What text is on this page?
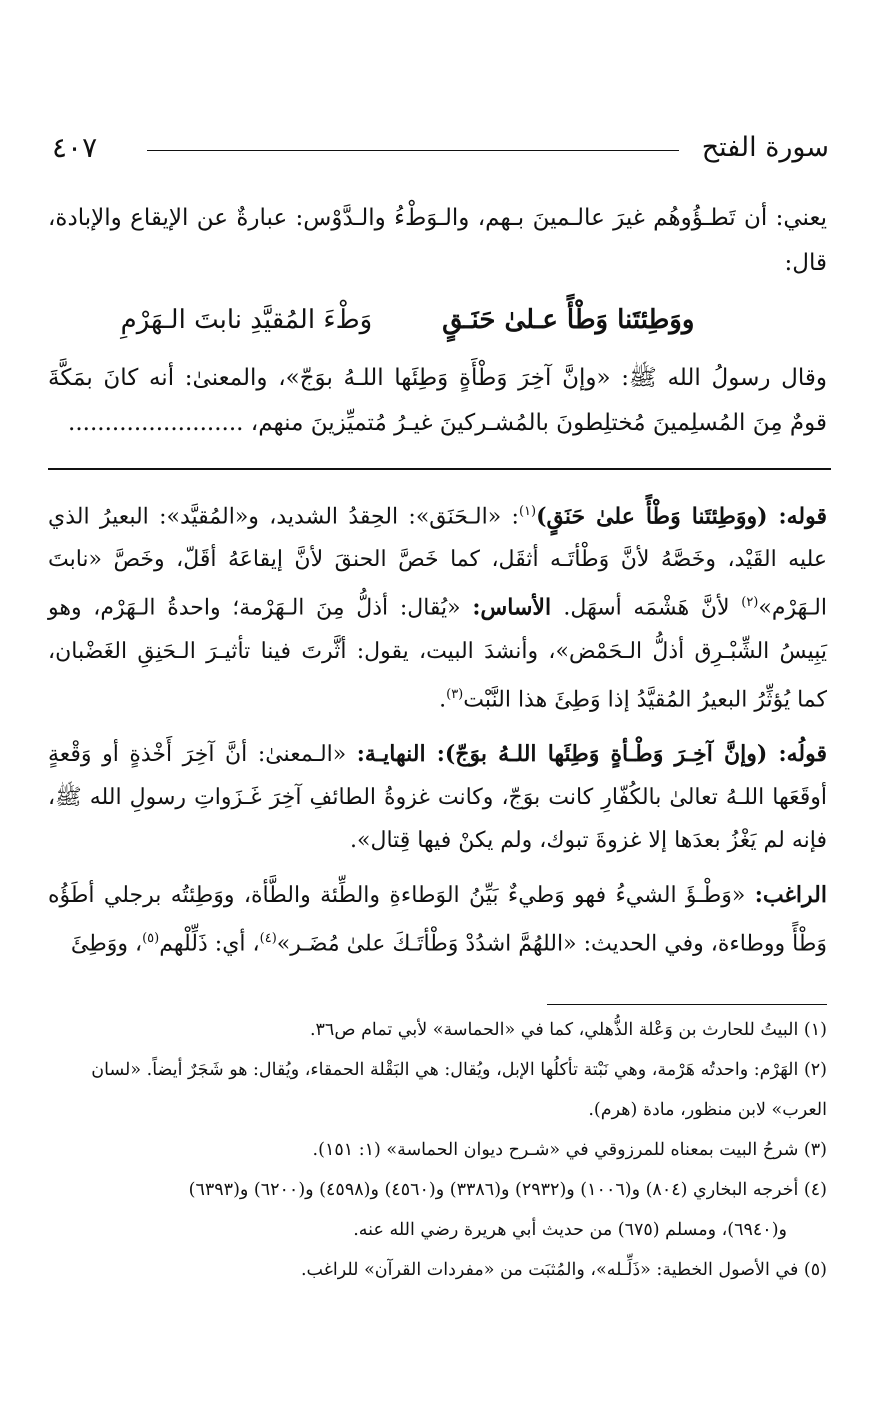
سورة الفتح
٤٠٧

يعني: أن تَطـؤُوهُم غيرَ عالـمينَ بـهم، والـوَطْءُ والـدَّوْس: عبارةٌ عن الإيقاع والإبادة، قال:

ووَطِئتَنا وَطْأً عـلىٰ حَنَـقٍ
وَطْءَ المُقيَّدِ نابتَ الـهَرْمِ

وقال رسولُ الله ﷺ: «وإنَّ آخِرَ وَطْأَةٍ وَطِئَها اللـهُ بوَجّ»، والمعنىٰ: أنه كانَ بمَكَّةَ قومٌ مِنَ المُسلِمينَ مُختلِطونَ بالمُشـركينَ غيـرُ مُتميِّزينَ منهم، ........................

قوله: (ووَطِئتَنا وَطْأً علىٰ حَنَقٍ)$^{(١)}$: «الـحَنَق»: الحِقدُ الشديد، و«المُقيَّد»: البعيرُ الذي عليه القَيْد، وخَصَّهُ لأنَّ وَطْأتَـه أثقَل، كما خَصَّ الحنقَ لأنَّ إيقاعَهُ أقَلّ، وخَصَّ «نابتَ الـهَرْم»$^{(٢)}$ لأنَّ هَشْمَه أسهَل. الأساس: «يُقال: أذلُّ مِنَ الـهَرْمة؛ واحدةُ الـهَرْم، وهو يَبِيسُ الشِّبْـرِق أذلُّ الـحَمْض»، وأنشدَ البيت، يقول: أثَّرتَ فينا تأثيـرَ الـحَنِقِ الغَضْبان، كما يُؤثِّرُ البعيرُ المُقيَّدُ إذا وَطِئَ هذا النَّبْت$^{(٣)}$.

قولُه: (وإنَّ آخِـرَ وَطْـأةٍ وَطِئَها اللـهُ بوَجّ): النهايـة: «الـمعنىٰ: أنَّ آخِرَ أَخْذةٍ أو وَقْعةٍ أوقَعَها اللـهُ تعالىٰ بالكُفّارِ كانت بوَجّ، وكانت غزوةُ الطائفِ آخِرَ غَـزَواتِ رسولِ الله ﷺ، فإنه لم يَغْزُ بعدَها إلا غزوةَ تبوك، ولم يكنْ فيها قِتال».

الراغب: «وَطْـؤَ الشيءُ فهو وَطيءٌ بَيِّنُ الوَطاءةِ والطِّئة والطَّأة، ووَطِئتُه برجلي أطَؤُه وَطْأً ووطاءة، وفي الحديث: «اللهُمَّ اشدُدْ وَطْأتَـكَ علىٰ مُضَـر»$^{(٤)}$، أي: ذَلِّلْهم$^{(٥)}$، ووَطِئَ

(١) البيتُ للحارث بن وَعْلة الذُّهلي، كما في «الحماسة» لأبي تمام ص٣٦.

(٢) الهَرْم: واحدتُه هَرْمة، وهي نَبْتة تأكلُها الإبل، ويُقال: هي البَقْلة الحمقاء، ويُقال: هو شَجَرٌ أيضاً. «لسان العرب» لابن منظور، مادة (هرم).

(٣) شرحُ البيت بمعناه للمرزوقي في «شـرح ديوان الحماسة» (١: ١٥١).

(٤) أخرجه البخاري (٨٠٤) و(١٠٠٦) و(٢٩٣٢) و(٣٣٨٦) و(٤٥٦٠) و(٤٥٩٨) و(٦٢٠٠) و(٦٣٩٣)

و(٦٩٤٠)، ومسلم (٦٧٥) من حديث أبي هريرة رضي الله عنه.

(٥) في الأصول الخطية: «ذَلِّـله»، والمُثبَت من «مفردات القرآن» للراغب.
